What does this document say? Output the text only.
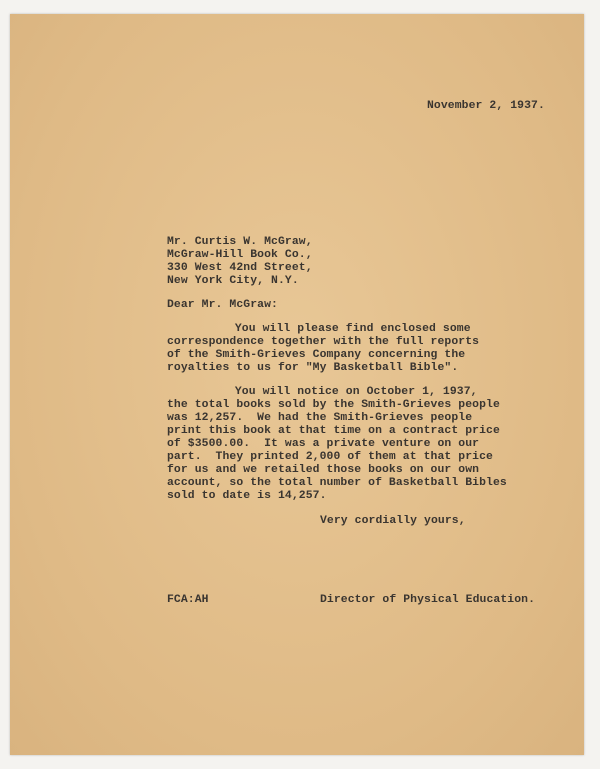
November 2, 1937.
Mr. Curtis W. McGraw,
McGraw-Hill Book Co.,
330 West 42nd Street,
New York City, N.Y.
Dear Mr. McGraw:
You will please find enclosed some
correspondence together with the full reports
of the Smith-Grieves Company concerning the
royalties to us for "My Basketball Bible".
You will notice on October 1, 1937,
the total books sold by the Smith-Grieves people
was 12,257.  We had the Smith-Grieves people
print this book at that time on a contract price
of $3500.00.  It was a private venture on our
part.  They printed 2,000 of them at that price
for us and we retailed those books on our own
account, so the total number of Basketball Bibles
sold to date is 14,257.
Very cordially yours,
FCA:AH	Director of Physical Education.
